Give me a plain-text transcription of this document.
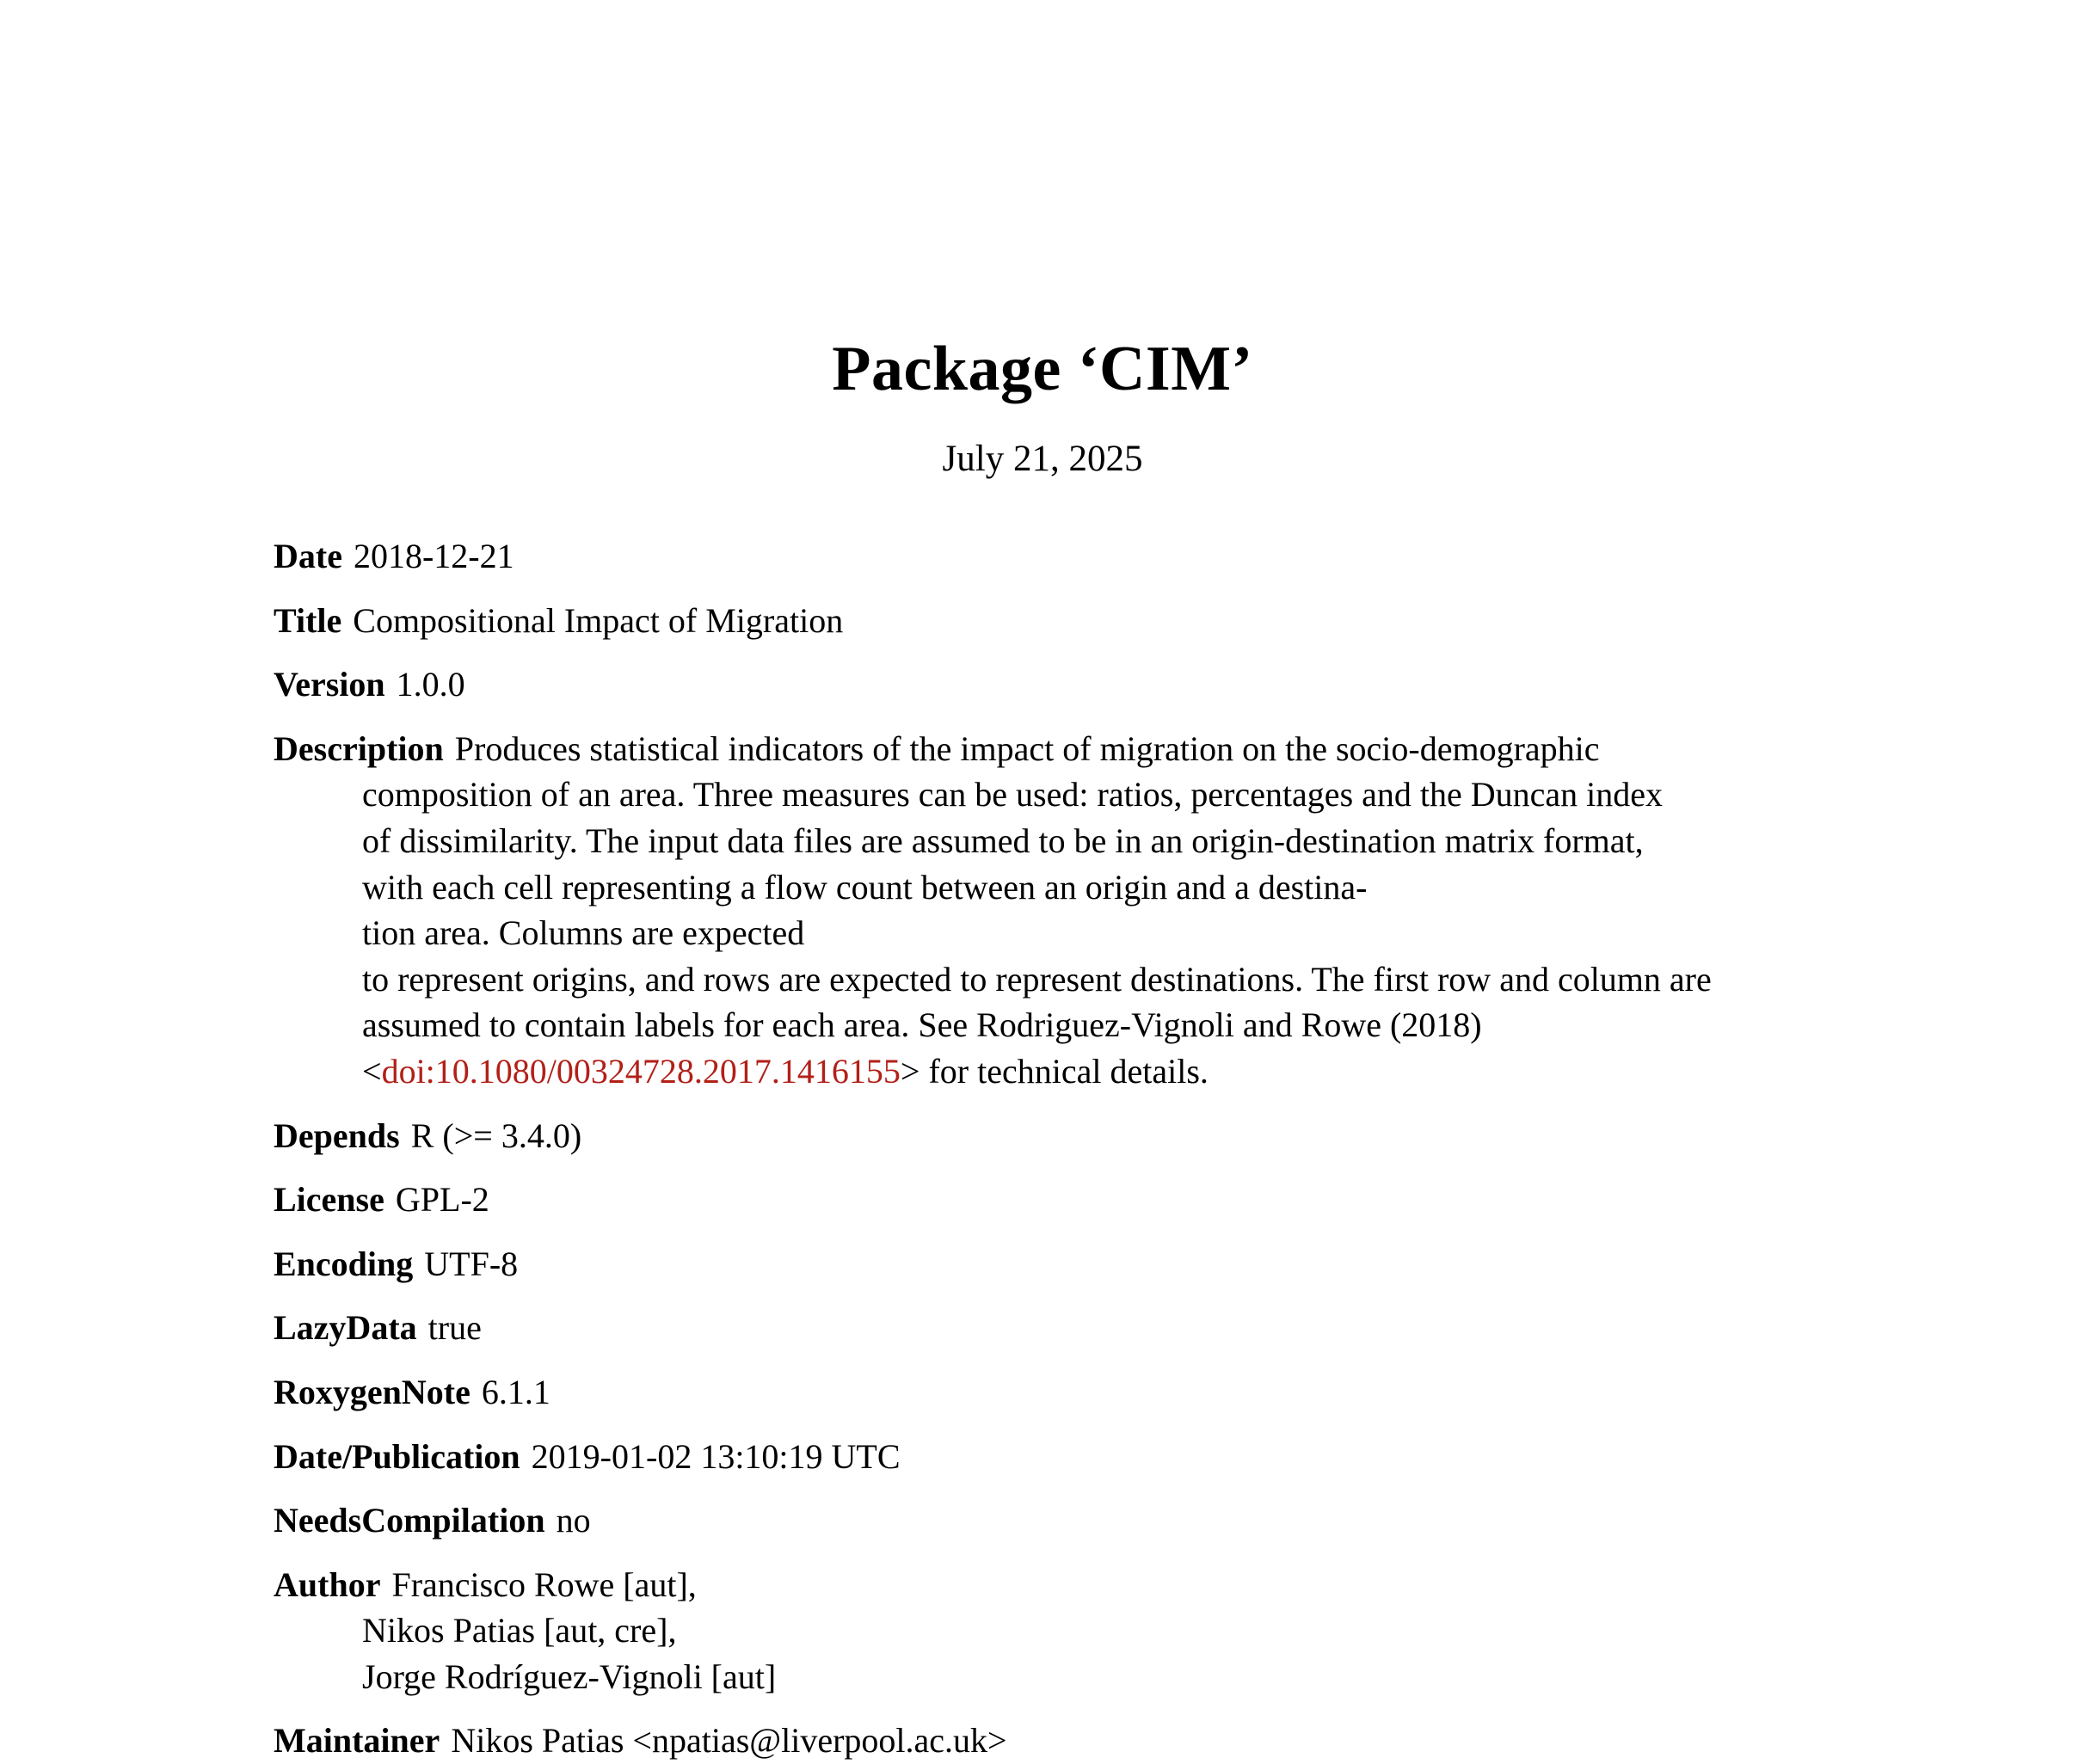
Package ‘CIM’

July 21, 2025

Date 2018-12-21
Title Compositional Impact of Migration
Version 1.0.0
Description Produces statistical indicators of the impact of migration on the socio-demographic
composition of an area. Three measures can be used: ratios, percentages and the Duncan index
of dissimilarity. The input data files are assumed to be in an origin-destination matrix format,
with each cell representing a flow count between an origin and a destina-
tion area. Columns are expected
to represent origins, and rows are expected to represent destinations. The first row and column are
assumed to contain labels for each area. See Rodriguez-Vignoli and Rowe (2018)
<doi:10.1080/00324728.2017.1416155> for technical details.
Depends R (>= 3.4.0)
License GPL-2
Encoding UTF-8
LazyData true
RoxygenNote 6.1.1
Date/Publication 2019-01-02 13:10:19 UTC
NeedsCompilation no
Author Francisco Rowe [aut],
Nikos Patias [aut, cre],
Jorge Rodríguez-Vignoli [aut]
Maintainer Nikos Patias <npatias@liverpool.ac.uk>
